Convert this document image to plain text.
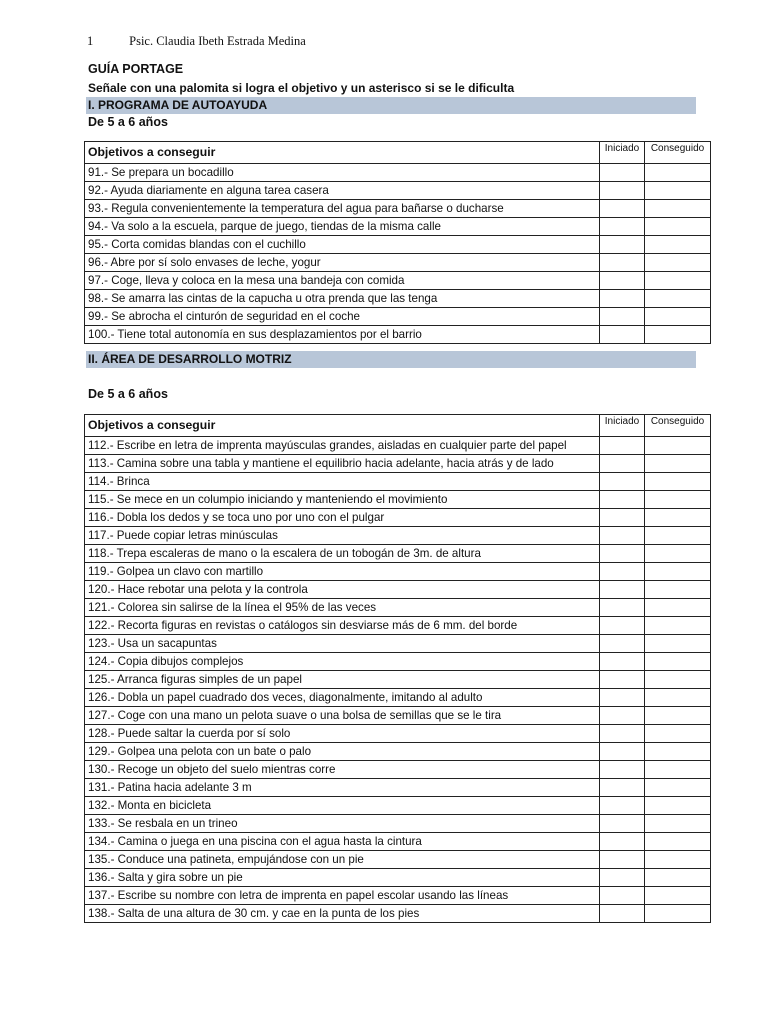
1	Psic. Claudia Ibeth Estrada Medina
GUÍA PORTAGE
Señale con una palomita si logra el objetivo y un asterisco si se le dificulta
I. PROGRAMA DE AUTOAYUDA
De 5 a 6 años
Objetivos a conseguir	Iniciado	Conseguido
91.- Se prepara un bocadillo		
92.- Ayuda diariamente en alguna tarea casera		
93.- Regula convenientemente la temperatura del agua para bañarse o ducharse		
94.- Va solo a la escuela, parque de juego, tiendas de la misma calle		
95.- Corta comidas blandas con el cuchillo		
96.- Abre por sí solo envases de leche, yogur		
97.- Coge, lleva y coloca en la mesa una bandeja con comida		
98.- Se amarra las cintas de la capucha u otra prenda que las tenga		
99.- Se abrocha el cinturón de seguridad en el coche		
100.- Tiene total autonomía en sus desplazamientos por el barrio		
II. ÁREA DE DESARROLLO MOTRIZ
De 5 a 6 años
Objetivos a conseguir	Iniciado	Conseguido
112.- Escribe en letra de imprenta mayúsculas grandes, aisladas en cualquier parte del papel		
113.- Camina sobre una tabla y mantiene el equilibrio hacia adelante, hacia atrás y de lado		
114.- Brinca		
115.- Se mece en un columpio iniciando y manteniendo el movimiento		
116.- Dobla los dedos y se toca uno por uno con el pulgar		
117.- Puede copiar letras minúsculas		
118.- Trepa escaleras de mano o la escalera de un tobogán de 3m. de altura		
119.- Golpea un clavo con martillo		
120.- Hace rebotar una pelota y la controla		
121.- Colorea sin salirse de la línea el 95% de las veces		
122.- Recorta figuras en revistas o catálogos sin desviarse más de 6 mm. del borde		
123.- Usa un sacapuntas		
124.- Copia dibujos complejos		
125.- Arranca figuras simples de un papel		
126.- Dobla un papel cuadrado dos veces, diagonalmente, imitando al adulto		
127.- Coge con una mano un pelota suave o una bolsa de semillas que se le tira		
128.- Puede saltar la cuerda por sí solo		
129.- Golpea una pelota con un bate o palo		
130.- Recoge un objeto del suelo mientras corre		
131.- Patina hacia adelante 3 m		
132.- Monta en bicicleta		
133.- Se resbala en un trineo		
134.- Camina o juega en una piscina con el agua hasta la cintura		
135.- Conduce una patineta, empujándose con un pie		
136.- Salta y gira sobre un pie		
137.- Escribe su nombre con letra de imprenta en papel escolar usando las líneas		
138.- Salta de una altura de 30 cm. y cae en la punta de los pies		
